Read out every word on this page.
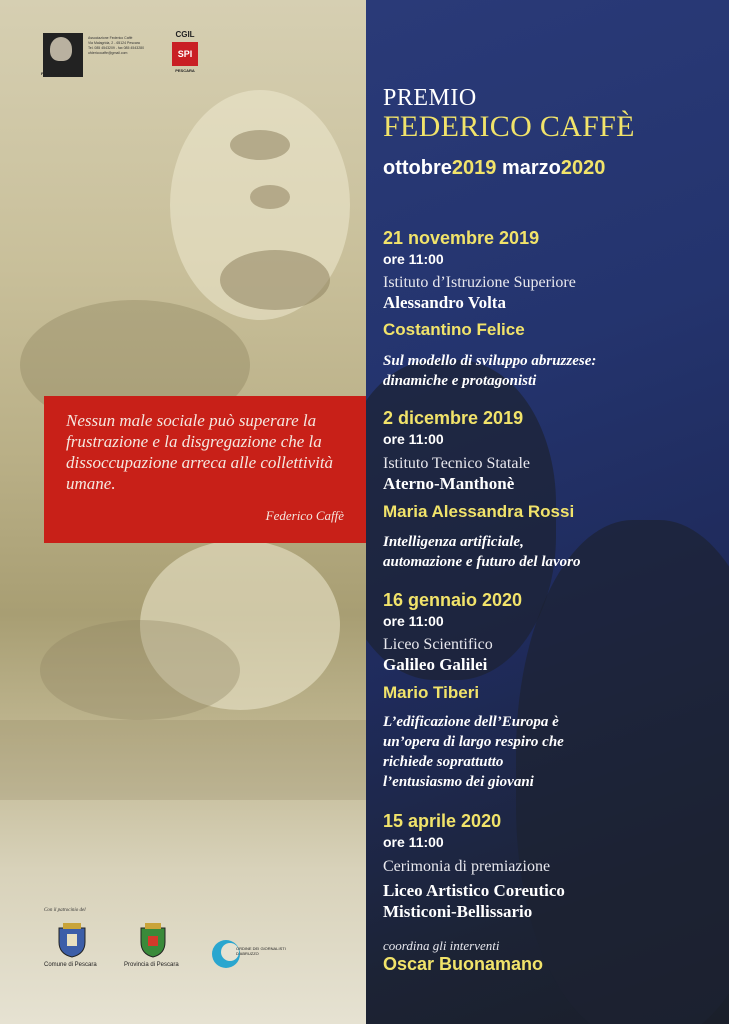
FEDERICO CAFFÈ
Associazione Federico Caffè
Via Malagrida, 2 - 65124 Pescara
Tel. 085 4543209 - fax 085 4543280
ufdericocaffe@gmail.com
CGIL
SPI
PESCARA
PREMIO
FEDERICO CAFFÈ
ottobre2019 marzo2020
Nessun male sociale può superare la frustrazione e la disgregazione che la dissoccupazione arreca alle collettività umane.
Federico Caffè
21 novembre 2019
ore 11:00
Istituto d’Istruzione Superiore
Alessandro Volta
Costantino Felice
Sul modello di sviluppo abruzzese:
dinamiche e protagonisti
2 dicembre 2019
ore 11:00
Istituto Tecnico Statale
Aterno-Manthonè
Maria Alessandra Rossi
Intelligenza artificiale,
automazione e futuro del lavoro
16 gennaio 2020
ore 11:00
Liceo Scientifico
Galileo Galilei
Mario Tiberi
L’edificazione dell’Europa è
un’opera di largo respiro che
richiede soprattutto
l’entusiasmo dei giovani
15 aprile 2020
ore 11:00
Cerimonia di premiazione
Liceo Artistico Coreutico
Misticoni-Bellissario
coordina gli interventi
Oscar Buonamano
Con il patrocinio del
Comune di Pescara	Provincia di Pescara
ORDINE DEI GIORNALISTI D'ABRUZZO
